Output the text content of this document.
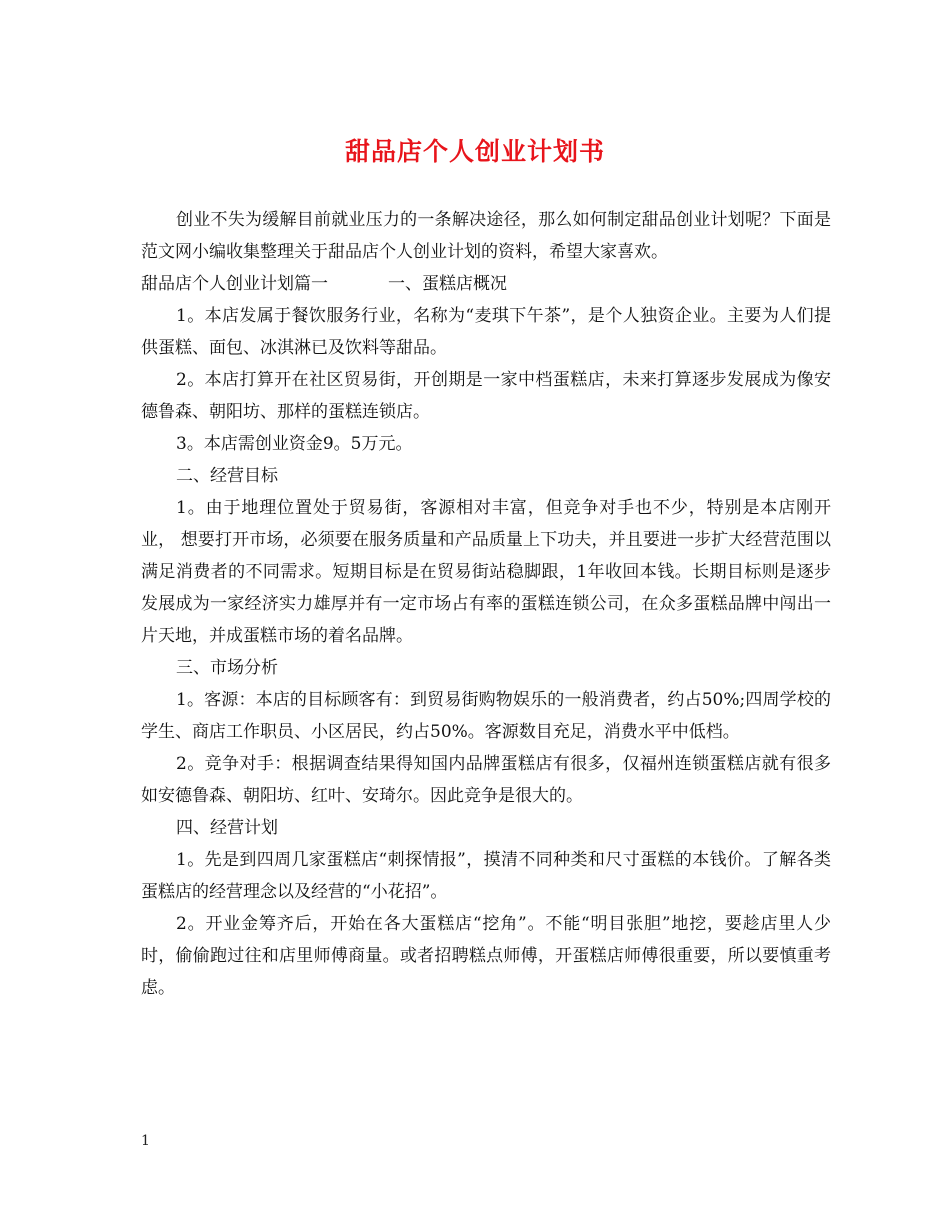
甜品店个人创业计划书

创业不失为缓解目前就业压力的一条解决途径，那么如何制定甜品创业计划呢？下面是范文网小编收集整理关于甜品店个人创业计划的资料，希望大家喜欢。

甜品店个人创业计划篇一	一、蛋糕店概况

1。本店发属于餐饮服务行业，名称为“麦琪下午茶”，是个人独资企业。主要为人们提供蛋糕、面包、冰淇淋已及饮料等甜品。

2。本店打算开在社区贸易街，开创期是一家中档蛋糕店，未来打算逐步发展成为像安德鲁森、朝阳坊、那样的蛋糕连锁店。

3。本店需创业资金9。5万元。

二、经营目标

1。由于地理位置处于贸易街，客源相对丰富，但竞争对手也不少，特别是本店刚开业， 想要打开市场，必须要在服务质量和产品质量上下功夫，并且要进一步扩大经营范围以满足消费者的不同需求。短期目标是在贸易街站稳脚跟，1年收回本钱。长期目标则是逐步发展成为一家经济实力雄厚并有一定市场占有率的蛋糕连锁公司，在众多蛋糕品牌中闯出一片天地，并成蛋糕市场的着名品牌。

三、市场分析

1。客源：本店的目标顾客有：到贸易街购物娱乐的一般消费者，约占50%;四周学校的学生、商店工作职员、小区居民，约占50%。客源数目充足，消费水平中低档。

2。竞争对手：根据调查结果得知国内品牌蛋糕店有很多，仅福州连锁蛋糕店就有很多如安德鲁森、朝阳坊、红叶、安琦尔。因此竞争是很大的。

四、经营计划

1。先是到四周几家蛋糕店“刺探情报”，摸清不同种类和尺寸蛋糕的本钱价。了解各类蛋糕店的经营理念以及经营的“小花招”。

2。开业金筹齐后，开始在各大蛋糕店“挖角”。不能“明目张胆”地挖，要趁店里人少时，偷偷跑过往和店里师傅商量。或者招聘糕点师傅，开蛋糕店师傅很重要，所以要慎重考虑。

1
